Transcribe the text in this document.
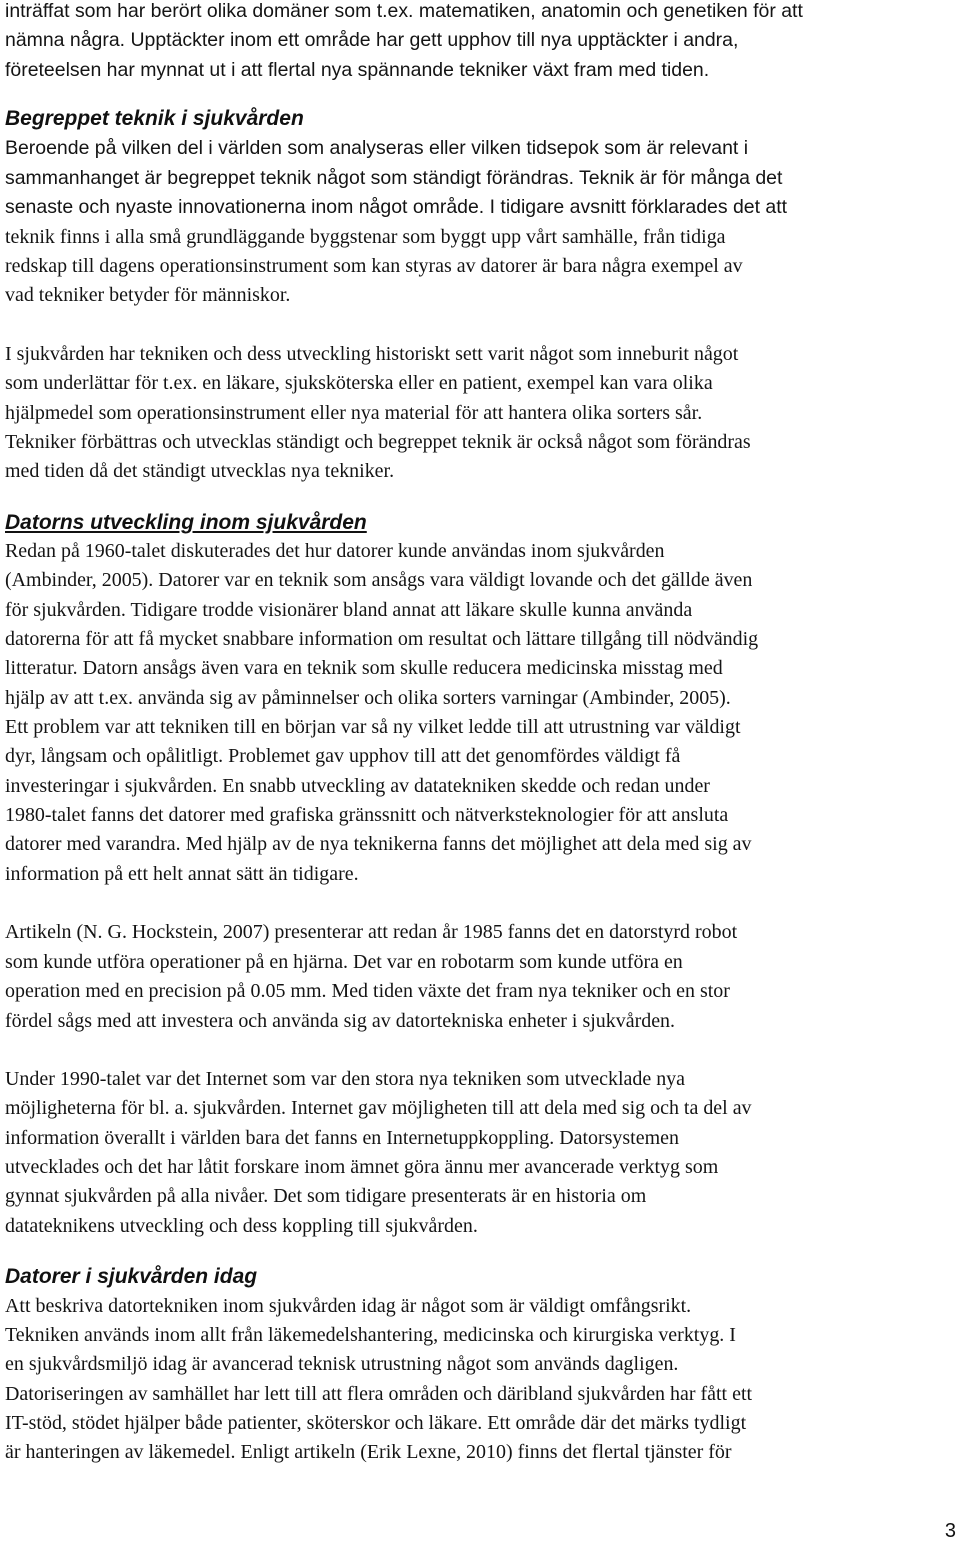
inträffat som har berört olika domäner som t.ex. matematiken, anatomin och genetiken för att

nämna några. Upptäckter inom ett område har gett upphov till nya upptäckter i andra,

företeelsen har mynnat ut i att flertal nya spännande tekniker växt fram med tiden.

Begreppet teknik i sjukvården

Beroende på vilken del i världen som analyseras eller vilken tidsepok som är relevant i

sammanhanget är begreppet teknik något som ständigt förändras. Teknik är för många det

senaste och nyaste innovationerna inom något område. I tidigare avsnitt förklarades det att

teknik finns i alla små grundläggande byggstenar som byggt upp vårt samhälle, från tidiga

redskap till dagens operationsinstrument som kan styras av datorer är bara några exempel av

vad tekniker betyder för människor.

I sjukvården har tekniken och dess utveckling historiskt sett varit något som inneburit något

som underlättar för t.ex. en läkare, sjuksköterska eller en patient, exempel kan vara olika

hjälpmedel som operationsinstrument eller nya material för att hantera olika sorters sår.

Tekniker förbättras och utvecklas ständigt och begreppet teknik är också något som förändras

med tiden då det ständigt utvecklas nya tekniker.

Datorns utveckling inom sjukvården

Redan på 1960-talet diskuterades det hur datorer kunde användas inom sjukvården

(Ambinder, 2005). Datorer var en teknik som ansågs vara väldigt lovande och det gällde även

för sjukvården. Tidigare trodde visionärer bland annat att läkare skulle kunna använda

datorerna för att få mycket snabbare information om resultat och lättare tillgång till nödvändig

litteratur. Datorn ansågs även vara en teknik som skulle reducera medicinska misstag med

hjälp av att t.ex. använda sig av påminnelser och olika sorters varningar (Ambinder, 2005).

Ett problem var att tekniken till en början var så ny vilket ledde till att utrustning var väldigt

dyr, långsam och opålitligt. Problemet gav upphov till att det genomfördes väldigt få

investeringar i sjukvården. En snabb utveckling av datatekniken skedde och redan under

1980-talet fanns det datorer med grafiska gränssnitt och nätverksteknologier för att ansluta

datorer med varandra. Med hjälp av de nya teknikerna fanns det möjlighet att dela med sig av

information på ett helt annat sätt än tidigare.

Artikeln (N. G. Hockstein, 2007) presenterar att redan år 1985 fanns det en datorstyrd robot

som kunde utföra operationer på en hjärna. Det var en robotarm som kunde utföra en

operation med en precision på 0.05 mm. Med tiden växte det fram nya tekniker och en stor

fördel sågs med att investera och använda sig av datortekniska enheter i sjukvården.

Under 1990-talet var det Internet som var den stora nya tekniken som utvecklade nya

möjligheterna för bl. a. sjukvården. Internet gav möjligheten till att dela med sig och ta del av

information överallt i världen bara det fanns en Internetuppkoppling. Datorsystemen

utvecklades och det har låtit forskare inom ämnet göra ännu mer avancerade verktyg som

gynnat sjukvården på alla nivåer. Det som tidigare presenterats är en historia om

datateknikens utveckling och dess koppling till sjukvården.

Datorer i sjukvården idag

Att beskriva datortekniken inom sjukvården idag är något som är väldigt omfångsrikt.

Tekniken används inom allt från läkemedelshantering, medicinska och kirurgiska verktyg. I

en sjukvårdsmiljö idag är avancerad teknisk utrustning något som används dagligen.

Datoriseringen av samhället har lett till att flera områden och däribland sjukvården har fått ett

IT-stöd, stödet hjälper både patienter, sköterskor och läkare. Ett område där det märks tydligt

är hanteringen av läkemedel. Enligt artikeln (Erik Lexne, 2010) finns det flertal tjänster för

3
